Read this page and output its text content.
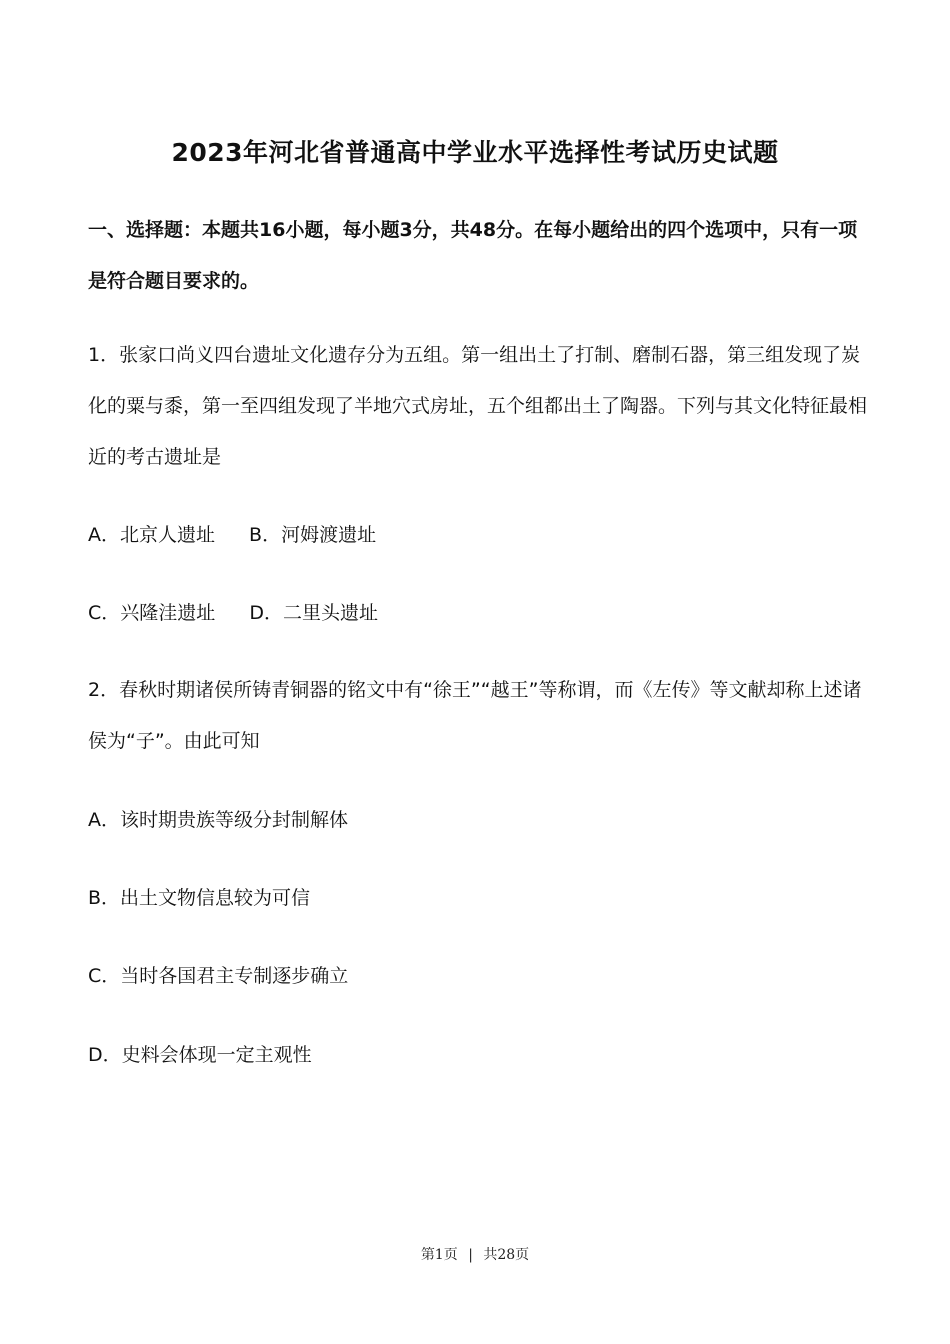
2023年河北省普通高中学业水平选择性考试历史试题
一、选择题：本题共16小题，每小题3分，共48分。在每小题给出的四个选项中，只有一项是符合题目要求的。
1．张家口尚义四台遗址文化遗存分为五组。第一组出土了打制、磨制石器，第三组发现了炭化的粟与黍，第一至四组发现了半地穴式房址，五个组都出土了陶器。下列与其文化特征最相近的考古遗址是
A．北京人遗址 B．河姆渡遗址
C．兴隆洼遗址 D．二里头遗址
2．春秋时期诸侯所铸青铜器的铭文中有“徐王”“越王”等称谓，而《左传》等文献却称上述诸侯为“子”。由此可知
A．该时期贵族等级分封制解体
B．出土文物信息较为可信
C．当时各国君主专制逐步确立
D．史料会体现一定主观性
第1页 | 共28页
